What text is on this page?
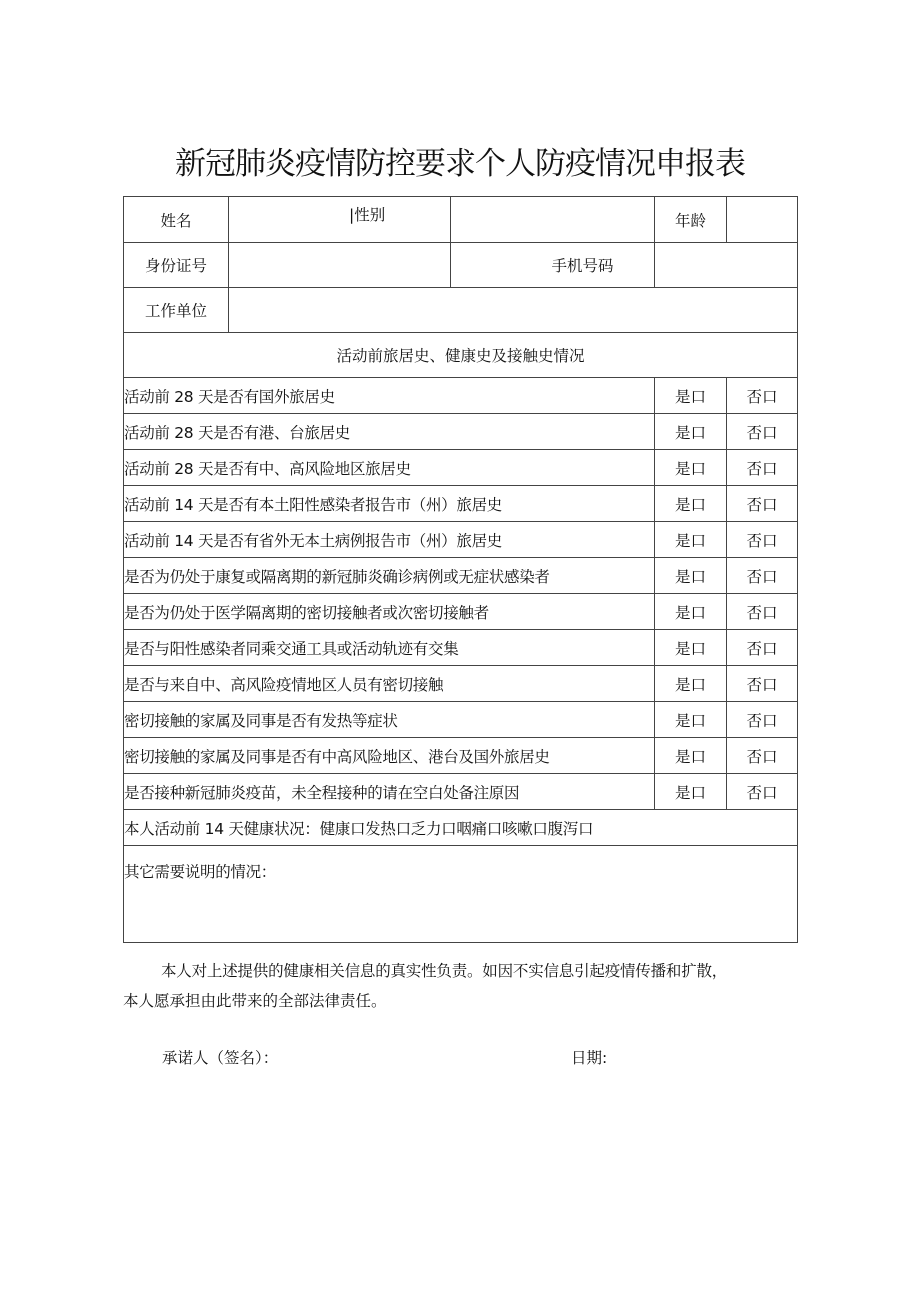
新冠肺炎疫情防控要求个人防疫情况申报表
姓名	|性别		年龄	
身份证号		手机号码		
工作单位				
活动前旅居史、健康史及接触史情况				
活动前 28 天是否有国外旅居史			是口	否口
活动前 28 天是否有港、台旅居史			是口	否口
活动前 28 天是否有中、高风险地区旅居史			是口	否口
活动前 14 天是否有本土阳性感染者报告市（州）旅居史			是口	否口
活动前 14 天是否有省外无本土病例报告市（州）旅居史			是口	否口
是否为仍处于康复或隔离期的新冠肺炎确诊病例或无症状感染者			是口	否口
是否为仍处于医学隔离期的密切接触者或次密切接触者			是口	否口
是否与阳性感染者同乘交通工具或活动轨迹有交集			是口	否口
是否与来自中、高风险疫情地区人员有密切接触			是口	否口
密切接触的家属及同事是否有发热等症状			是口	否口
密切接触的家属及同事是否有中高风险地区、港台及国外旅居史			是口	否口
是否接种新冠肺炎疫苗，未全程接种的请在空白处备注原因			是口	否口
本人活动前 14 天健康状况：健康口发热口乏力口咽痛口咳嗽口腹泻口				
其它需要说明的情况：				

本人对上述提供的健康相关信息的真实性负责。如因不实信息引起疫情传播和扩散，
本人愿承担由此带来的全部法律责任。

承诺人（签名）：	日期:
